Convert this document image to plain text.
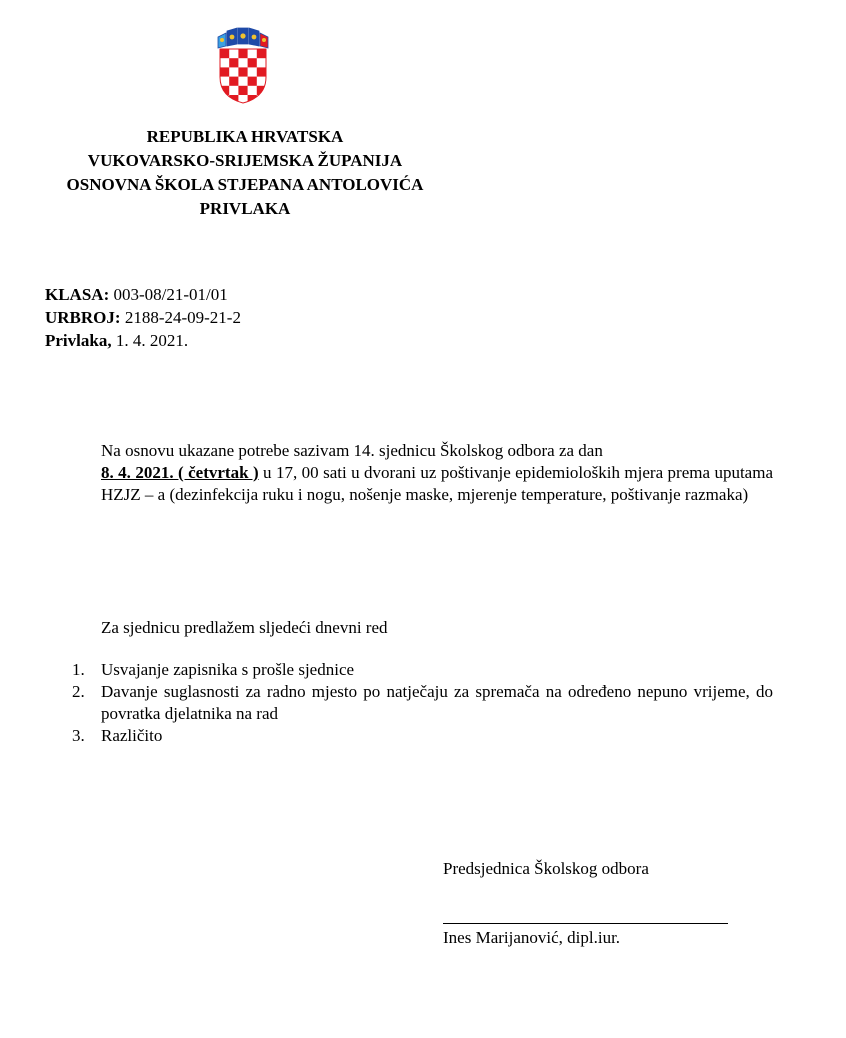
REPUBLIKA HRVATSKA
VUKOVARSKO-SRIJEMSKA ŽUPANIJA
OSNOVNA ŠKOLA STJEPANA ANTOLOVIĆA
PRIVLAKA
KLASA: 003-08/21-01/01
URBROJ: 2188-24-09-21-2
Privlaka, 1. 4. 2021.
Na osnovu ukazane potrebe sazivam 14. sjednicu Školskog odbora za dan
8. 4. 2021. ( četvrtak ) u 17, 00 sati u dvorani uz poštivanje epidemioloških mjera prema uputama HZJZ – a (dezinfekcija ruku i nogu, nošenje maske, mjerenje temperature, poštivanje razmaka)
Za sjednicu predlažem sljedeći dnevni red
1. Usvajanje zapisnika s prošle sjednice
2. Davanje suglasnosti za radno mjesto po natječaju za spremača na određeno nepuno vrijeme, do povratka djelatnika na rad
3. Različito
Predsjednica Školskog odbora
Ines Marijanović, dipl.iur.
